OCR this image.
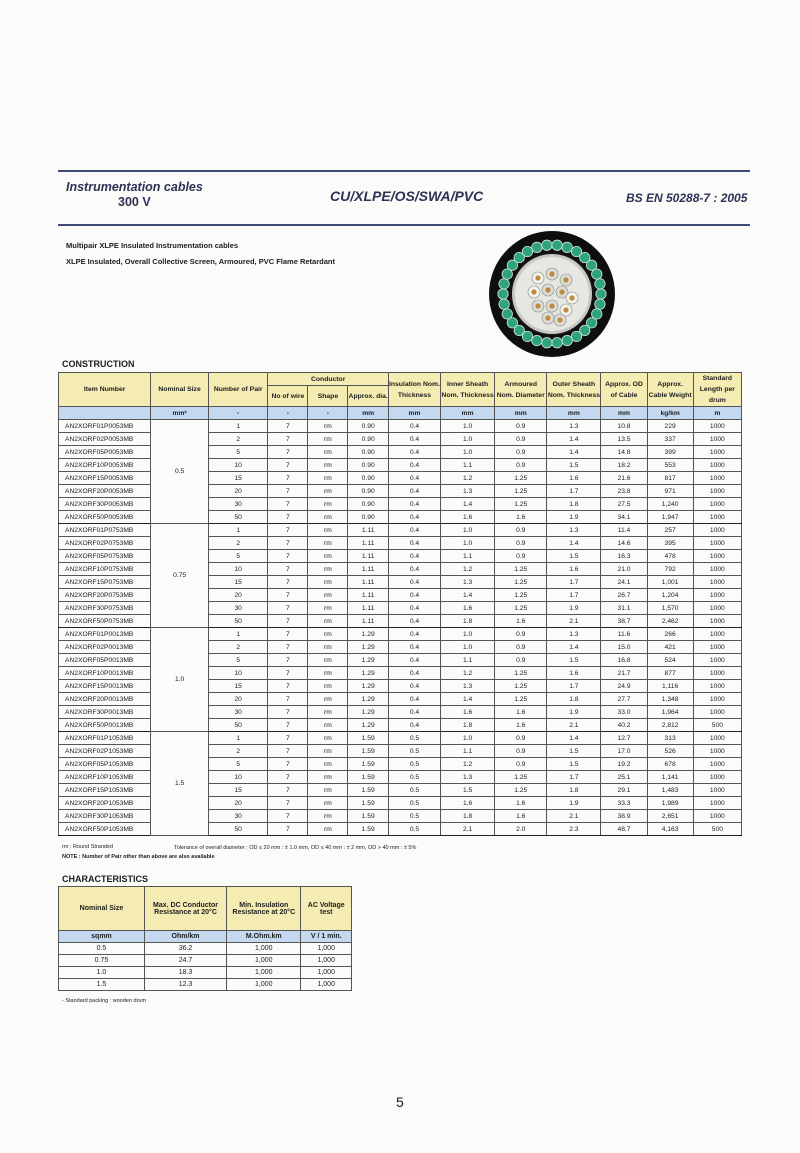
Instrumentation cables
300 V	CU/XLPE/OS/SWA/PVC	BS EN 50288-7 : 2005
Multipair XLPE Insulated Instrumentation cables
XLPE Insulated, Overall Collective Screen, Armoured, PVC Flame Retardant
CONSTRUCTION
Item Number	Nominal Size	Number of Pair	Conductor			Insulation Nom. Thickness	Inner Sheath Nom. Thickness	Armoured Nom. Diameter	Outer Sheath Nom. Thickness	Approx. OD of Cable	Approx. Cable Weight	Standard Length per drum
			No of wire	Shape	Approx. dia.							

	mm²	-	-	-	mm	mm	mm	mm	mm	mm	kg/km	m
AN2XORF01P0053MB	0.5	1	7	rm	0.90	0.4	1.0	0.9	1.3	10.8	229	1000
AN2XORF02P0053MB		2	7	rm	0.90	0.4	1.0	0.9	1.4	13.5	337	1000
AN2XORF05P0053MB		5	7	rm	0.90	0.4	1.0	0.9	1.4	14.8	399	1000
AN2XORF10P0053MB		10	7	rm	0.90	0.4	1.1	0.9	1.5	18.2	553	1000
AN2XORF15P0053MB		15	7	rm	0.90	0.4	1.2	1.25	1.6	21.6	817	1000
AN2XORF20P0053MB		20	7	rm	0.90	0.4	1.3	1.25	1.7	23.8	971	1000
AN2XORF30P0053MB		30	7	rm	0.90	0.4	1.4	1.25	1.8	27.5	1,240	1000
AN2XORF50P0053MB		50	7	rm	0.90	0.4	1.6	1.6	1.9	34.1	1,947	1000
AN2XORF01P0753MB	0.75	1	7	rm	1.11	0.4	1.0	0.9	1.3	11.4	257	1000
AN2XORF02P0753MB		2	7	rm	1.11	0.4	1.0	0.9	1.4	14.6	395	1000
AN2XORF05P0753MB		5	7	rm	1.11	0.4	1.1	0.9	1.5	16.3	478	1000
AN2XORF10P0753MB		10	7	rm	1.11	0.4	1.2	1.25	1.6	21.0	792	1000
AN2XORF15P0753MB		15	7	rm	1.11	0.4	1.3	1.25	1.7	24.1	1,001	1000
AN2XORF20P0753MB		20	7	rm	1.11	0.4	1.4	1.25	1.7	26.7	1,204	1000
AN2XORF30P0753MB		30	7	rm	1.11	0.4	1.6	1.25	1.9	31.1	1,570	1000
AN2XORF50P0753MB		50	7	rm	1.11	0.4	1.8	1.6	2.1	38.7	2,462	1000
AN2XORF01P0013MB	1.0	1	7	rm	1.29	0.4	1.0	0.9	1.3	11.6	266	1000
AN2XORF02P0013MB		2	7	rm	1.29	0.4	1.0	0.9	1.4	15.0	421	1000
AN2XORF05P0013MB		5	7	rm	1.29	0.4	1.1	0.9	1.5	16.8	524	1000
AN2XORF10P0013MB		10	7	rm	1.29	0.4	1.2	1.25	1.6	21.7	877	1000
AN2XORF15P0013MB		15	7	rm	1.29	0.4	1.3	1.25	1.7	24.9	1,116	1000
AN2XORF20P0013MB		20	7	rm	1.29	0.4	1.4	1.25	1.8	27.7	1,348	1000
AN2XORF30P0013MB		30	7	rm	1.29	0.4	1.6	1.6	1.9	33.0	1,964	1000
AN2XORF50P0013MB		50	7	rm	1.29	0.4	1.8	1.6	2.1	40.2	2,812	500
AN2XORF01P1053MB	1.5	1	7	rm	1.59	0.5	1.0	0.9	1.4	12.7	313	1000
AN2XORF02P1053MB		2	7	rm	1.59	0.5	1.1	0.9	1.5	17.0	526	1000
AN2XORF05P1053MB		5	7	rm	1.59	0.5	1.2	0.9	1.5	19.2	678	1000
AN2XORF10P1053MB		10	7	rm	1.59	0.5	1.3	1.25	1.7	25.1	1,141	1000
AN2XORF15P1053MB		15	7	rm	1.59	0.5	1.5	1.25	1.8	29.1	1,483	1000
AN2XORF20P1053MB		20	7	rm	1.59	0.5	1.6	1.6	1.9	33.3	1,989	1000
AN2XORF30P1053MB		30	7	rm	1.59	0.5	1.8	1.6	2.1	38.9	2,651	1000
AN2XORF50P1053MB		50	7	rm	1.59	0.5	2.1	2.0	2.3	48.7	4,163	500
rm : Round Stranded	Tolerance of overall diameter : OD ≤ 20 mm : ± 1.0 mm, OD ≤ 40 mm : ± 2 mm, OD > 40 mm : ± 5%
NOTE : Number of Pair other than above are also available
CHARACTERISTICS
Nominal Size	Max. DC Conductor Resistance at 20°C	Min. Insulation Resistance at 20°C	AC Voltage test
sqmm	Ohm/km	M.Ohm.km	V / 1 min.
0.5	36.2	1,000	1,000
0.75	24.7	1,000	1,000
1.0	18.3	1,000	1,000
1.5	12.3	1,000	1,000
- Standard packing : wooden drum
5
